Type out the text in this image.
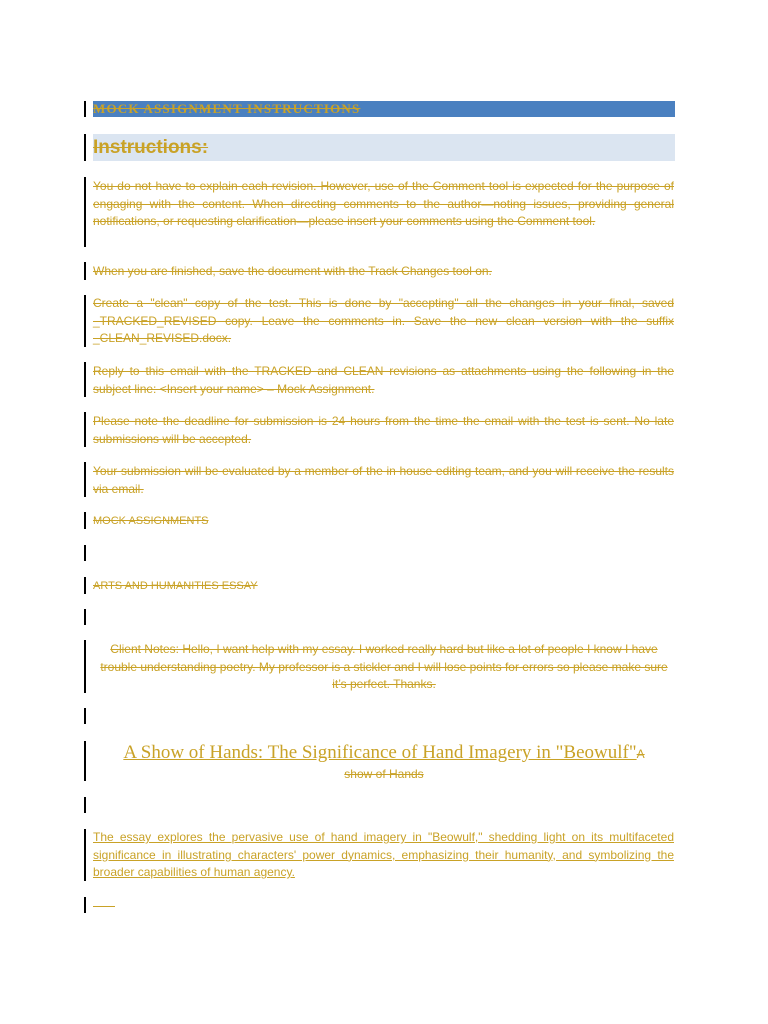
MOCK ASSIGNMENT INSTRUCTIONS
Instructions:
You do not have to explain each revision. However, use of the Comment tool is expected for the purpose of engaging with the content. When directing comments to the author—noting issues, providing general notifications, or requesting clarification—please insert your comments using the Comment tool.
When you are finished, save the document with the Track Changes tool on.
Create a "clean" copy of the test. This is done by "accepting" all the changes in your final, saved _TRACKED_REVISED copy. Leave the comments in. Save the new clean version with the suffix _CLEAN_REVISED.docx.
Reply to this email with the TRACKED and CLEAN revisions as attachments using the following in the subject line: <Insert your name> – Mock Assignment.
Please note the deadline for submission is 24 hours from the time the email with the test is sent. No late submissions will be accepted.
Your submission will be evaluated by a member of the in house editing team, and you will receive the results via email.
MOCK ASSIGNMENTS
ARTS AND HUMANITIES ESSAY
Client Notes: Hello, I want help with my essay. I worked really hard but like a lot of people I know I have trouble understanding poetry. My professor is a stickler and I will lose points for errors so please make sure it’s perfect. Thanks.
A Show of Hands: The Significance of Hand Imagery in "Beowulf"A
show of Hands
The essay explores the pervasive use of hand imagery in "Beowulf," shedding light on its multifaceted significance in illustrating characters' power dynamics, emphasizing their humanity, and symbolizing the broader capabilities of human agency.
